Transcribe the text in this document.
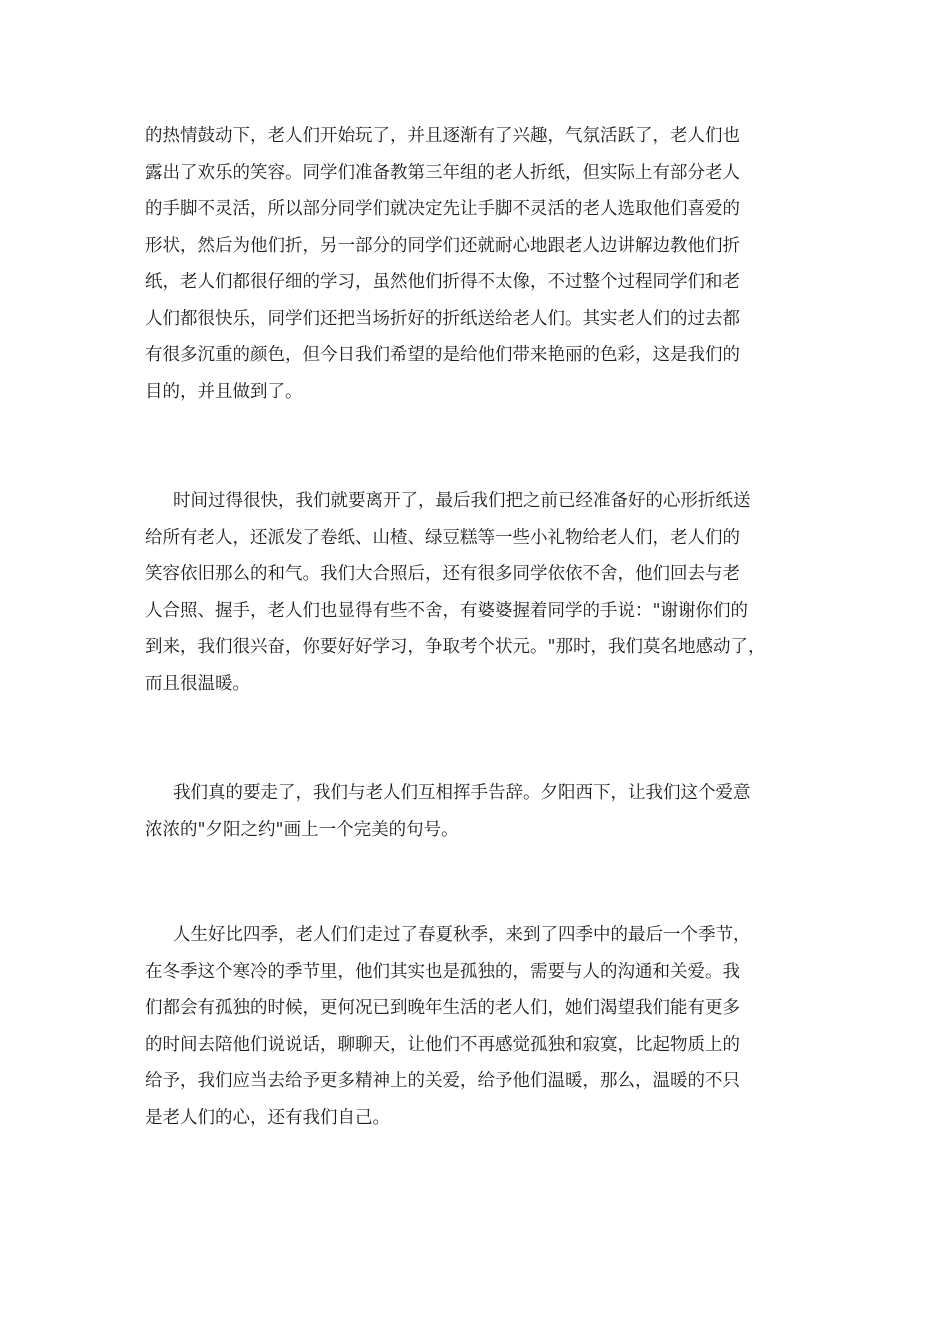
的热情鼓动下，老人们开始玩了，并且逐渐有了兴趣，气氛活跃了，老人们也
露出了欢乐的笑容。同学们准备教第三年组的老人折纸，但实际上有部分老人
的手脚不灵活，所以部分同学们就决定先让手脚不灵活的老人选取他们喜爱的
形状，然后为他们折，另一部分的同学们还就耐心地跟老人边讲解边教他们折
纸，老人们都很仔细的学习，虽然他们折得不太像，不过整个过程同学们和老
人们都很快乐，同学们还把当场折好的折纸送给老人们。其实老人们的过去都
有很多沉重的颜色，但今日我们希望的是给他们带来艳丽的色彩，这是我们的
目的，并且做到了。

时间过得很快，我们就要离开了，最后我们把之前已经准备好的心形折纸送
给所有老人，还派发了卷纸、山楂、绿豆糕等一些小礼物给老人们，老人们的
笑容依旧那么的和气。我们大合照后，还有很多同学依依不舍，他们回去与老
人合照、握手，老人们也显得有些不舍，有婆婆握着同学的手说："谢谢你们的
到来，我们很兴奋，你要好好学习，争取考个状元。"那时，我们莫名地感动了，
而且很温暖。

我们真的要走了，我们与老人们互相挥手告辞。夕阳西下，让我们这个爱意
浓浓的"夕阳之约"画上一个完美的句号。

人生好比四季，老人们们走过了春夏秋季，来到了四季中的最后一个季节，
在冬季这个寒冷的季节里，他们其实也是孤独的，需要与人的沟通和关爱。我
们都会有孤独的时候，更何况已到晚年生活的老人们，她们渴望我们能有更多
的时间去陪他们说说话，聊聊天，让他们不再感觉孤独和寂寞，比起物质上的
给予，我们应当去给予更多精神上的关爱，给予他们温暖，那么，温暖的不只
是老人们的心，还有我们自己。
